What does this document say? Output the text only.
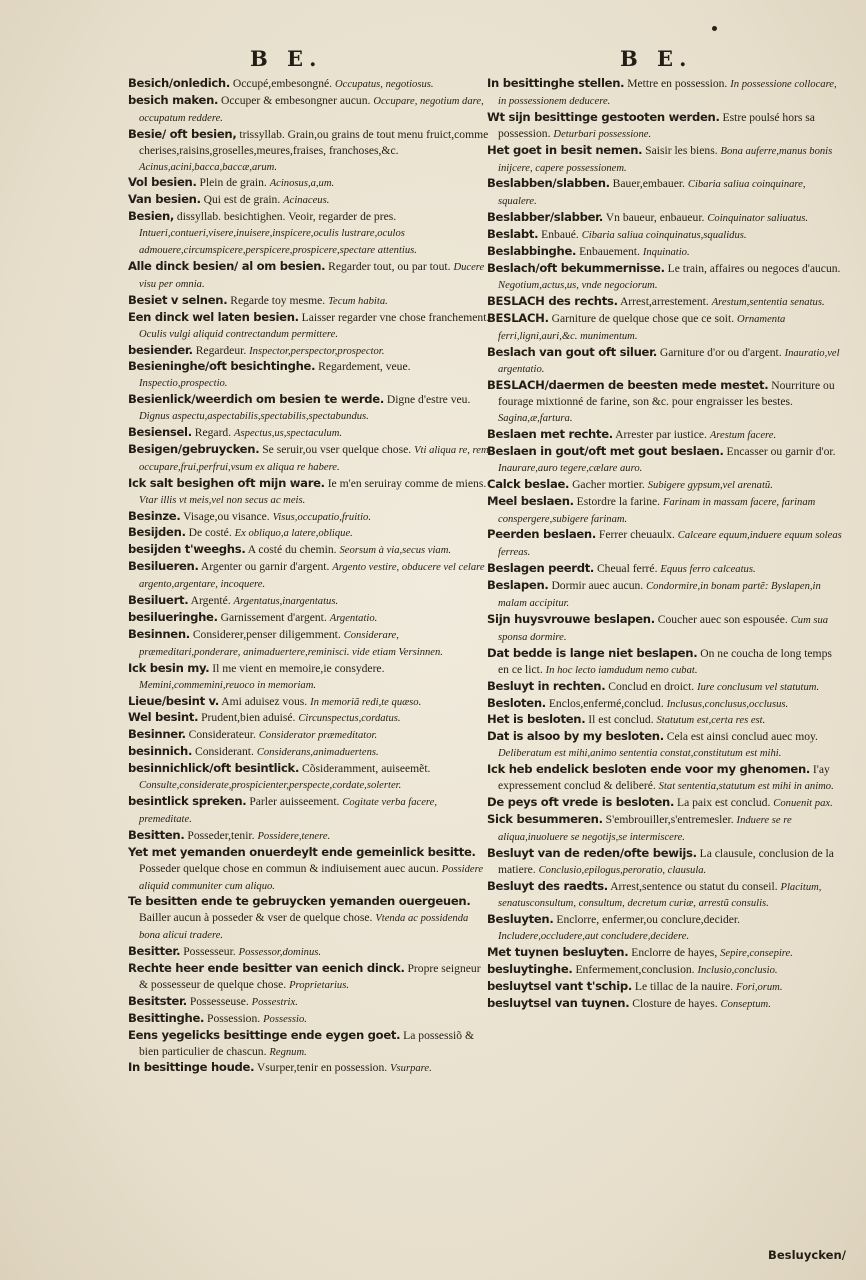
B E.	B E.

Besich/onledich. Occupé,embesongné. Occupatus, negotiosus.

besich maken. Occuper & embesongner aucun. Occupare, negotium dare, occupatum reddere.

Besie/ oft besien, trissyllab. Grain,ou grains de tout menu fruict,comme cherises,raisins,groselles,meures,fraises, franchoses,&c. Acinus,acini,bacca,baccæ,arum.

Vol besien. Plein de grain. Acinosus,a,um.

Van besien. Qui est de grain. Acinaceus.

Besien, dissyllab. besichtighen. Veoir, regarder de pres. Intueri,contueri,visere,inuisere,inspicere,oculis lustrare,oculos admouere,circumspicere,perspicere,prospicere,spectare attentius.

Alle dinck besien/ al om besien. Regarder tout, ou par tout. Ducere visu per omnia.

Besiet v selnen. Regarde toy mesme. Tecum habita.

Een dinck wel laten besien. Laisser regarder vne chose franchement. Oculis vulgi aliquid contrectandum permittere.

besiender. Regardeur. Inspector,perspector,prospector.

Besieninghe/oft besichtinghe. Regardement, veue. Inspectio,prospectio.

Besienlick/weerdich om besien te werde. Digne d'estre veu. Dignus aspectu,aspectabilis,spectabilis,spectabundus.

Besiensel. Regard. Aspectus,us,spectaculum.

Besigen/gebruycken. Se seruir,ou vser quelque chose. Vti aliqua re, rem occupare,frui,perfrui,vsum ex aliqua re habere.

Ick salt besighen oft mijn ware. Ie m'en seruiray comme de miens. Vtar illis vt meis,vel non secus ac meis.

Besinze. Visage,ou visance. Visus,occupatio,fruitio.

Besijden. De costé. Ex obliquo,a latere,oblique.

besijden t'weeghs. A costé du chemin. Seorsum à via,secus viam.

Besilueren. Argenter ou garnir d'argent. Argento vestire, obducere vel celare argento,argentare, incoquere.

Besiluert. Argenté. Argentatus,inargentatus.

besilueringhe. Garnissement d'argent. Argentatio.

Besinnen. Considerer,penser diligemment. Considerare, præmeditari,ponderare, animaduertere,reminisci. vide etiam Versinnen.

Ick besin my. Il me vient en memoire,ie consydere. Memini,commemini,reuoco in memoriam.

Lieue/besint v. Ami aduisez vous. In memoriã redi,te quæso.

Wel besint. Prudent,bien aduisé. Circunspectus,cordatus.

Besinner. Considerateur. Considerator præmeditator.

besinnich. Considerant. Considerans,animaduertens.

besinnichlick/oft besintlick. Cõsideramment, auiseemẽt. Consulte,considerate,prospicienter,perspecte,cordate,solerter.

besintlick spreken. Parler auisseement. Cogitate verba facere, premeditate.

Besitten. Posseder,tenir. Possidere,tenere.

Yet met yemanden onuerdeylt ende gemeinlick besitte. Posseder quelque chose en commun & indiuisement auec aucun. Possidere aliquid communiter cum aliquo.

Te besitten ende te gebruycken yemanden ouergeuen. Bailler aucun à posseder & vser de quelque chose. Vtenda ac possidenda bona alicui tradere.

Besitter. Possesseur. Possessor,dominus.

Rechte heer ende besitter van eenich dinck. Propre seigneur & possesseur de quelque chose. Proprietarius.

Besitster. Possesseuse. Possestrix.

Besittinghe. Possession. Possessio.

Eens yegelicks besittinge ende eygen goet. La possessiõ & bien particulier de chascun. Regnum.

In besittinge houde. Vsurper,tenir en possession. Vsurpare.

In besittinghe stellen. Mettre en possession. In possessione collocare, in possessionem deducere.

Wt sijn besittinge gestooten werden. Estre poulsé hors sa possession. Deturbari possessione.

Het goet in besit nemen. Saisir les biens. Bona auferre,manus bonis inijcere, capere possessionem.

Beslabben/slabben. Bauer,embauer. Cibaria saliua coinquinare, squalere.

Beslabber/slabber. Vn baueur, enbaueur. Coinquinator saliuatus.

Beslabt. Enbaué. Cibaria saliua coinquinatus,squalidus.

Beslabbinghe. Enbauement. Inquinatio.

Beslach/oft bekummernisse. Le train, affaires ou negoces d'aucun. Negotium,actus,us, vnde negociorum.

BESLACH des rechts. Arrest,arrestement. Arestum,sententia senatus.

BESLACH. Garniture de quelque chose que ce soit. Ornamenta ferri,ligni,auri,&c. munimentum.

Beslach van gout oft siluer. Garniture d'or ou d'argent. Inauratio,vel argentatio.

BESLACH/daermen de beesten mede mestet. Nourriture ou fourage mixtionné de farine, son &c. pour engraisser les bestes. Sagina,æ,fartura.

Beslaen met rechte. Arrester par iustice. Arestum facere.

Beslaen in gout/oft met gout beslaen. Encasser ou garnir d'or. Inaurare,auro tegere,cælare auro.

Calck beslae. Gacher mortier. Subigere gypsum,vel arenatũ.

Meel beslaen. Estordre la farine. Farinam in massam facere, farinam conspergere,subigere farinam.

Peerden beslaen. Ferrer cheuaulx. Calceare equum,induere equum soleas ferreas.

Beslagen peerdt. Cheual ferré. Equus ferro calceatus.

Beslapen. Dormir auec aucun. Condormire,in bonam partẽ: Byslapen,in malam accipitur.

Sijn huysvrouwe beslapen. Coucher auec son espousée. Cum sua sponsa dormire.

Dat bedde is lange niet beslapen. On ne coucha de long temps en ce lict. In hoc lecto iamdudum nemo cubat.

Besluyt in rechten. Conclud en droict. Iure conclusum vel statutum.

Besloten. Enclos,enfermé,conclud. Inclusus,conclusus,occlusus.

Het is besloten. Il est conclud. Statutum est,certa res est.

Dat is alsoo by my besloten. Cela est ainsi conclud auec moy. Deliberatum est mihi,animo sententia constat,constitutum est mihi.

Ick heb endelick besloten ende voor my ghenomen. I'ay expressement conclud & deliberé. Stat sententia,statutum est mihi in animo.

De peys oft vrede is besloten. La paix est conclud. Conuenit pax.

Sick besummeren. S'embrouiller,s'entremesler. Induere se re aliqua,inuoluere se negotijs,se intermiscere.

Besluyt van de reden/ofte bewijs. La clausule, conclusion de la matiere. Conclusio,epilogus,peroratio, clausula.

Besluyt des raedts. Arrest,sentence ou statut du conseil. Placitum, senatusconsultum, consultum, decretum curiæ, arrestũ consulis.

Besluyten. Enclorre, enfermer,ou conclure,decider. Includere,occludere,aut concludere,decidere.

Met tuynen besluyten. Enclorre de hayes, Sepire,consepire.

besluytinghe. Enfermement,conclusion. Inclusio,conclusio.

besluytsel vant t'schip. Le tillac de la nauire. Fori,orum.

besluytsel van tuynen. Closture de hayes. Conseptum.

Besluycken/
